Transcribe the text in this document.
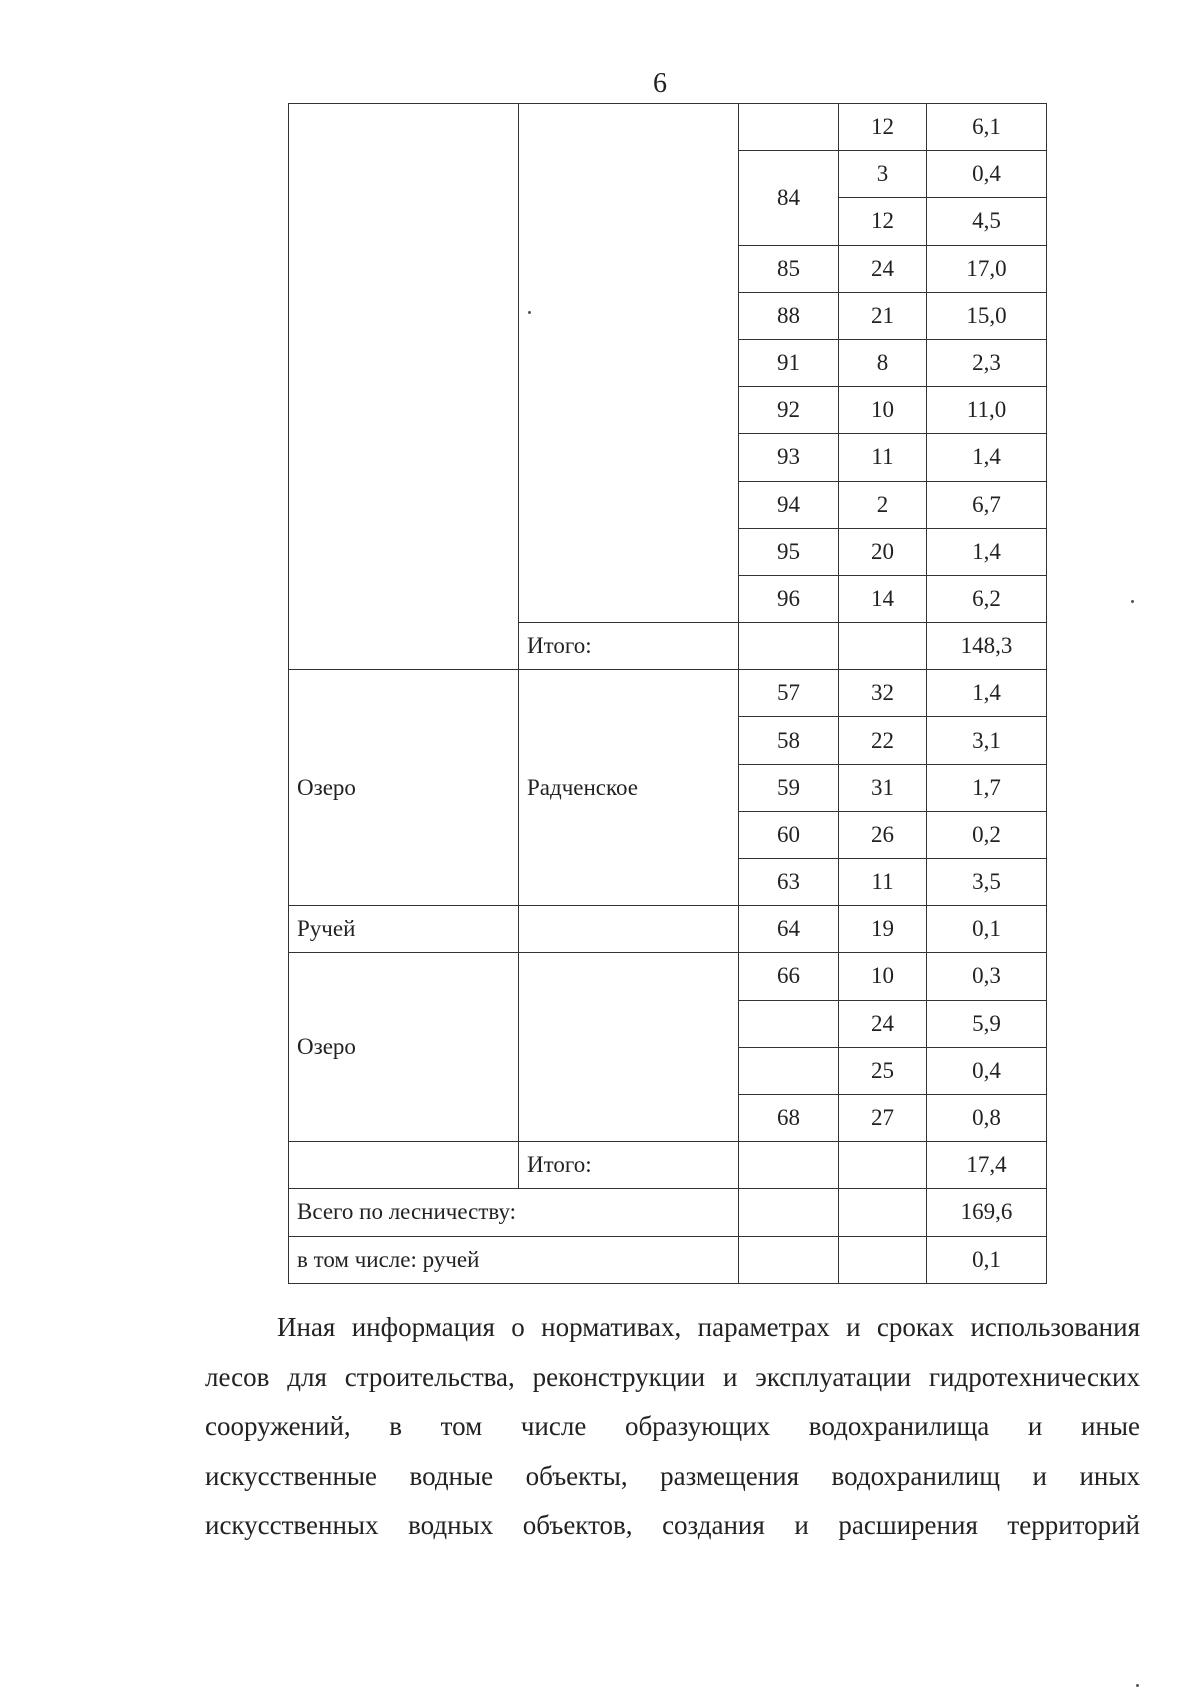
6
			12	6,1
		84	3	0,4
			12	4,5
		85	24	17,0
		88	21	15,0
		91	8	2,3
		92	10	11,0
		93	11	1,4
		94	2	6,7
		95	20	1,4
		96	14	6,2
	Итого:			148,3
Озеро	Радченское	57	32	1,4
		58	22	3,1
		59	31	1,7
		60	26	0,2
		63	11	3,5
Ручей		64	19	0,1
Озеро		66	10	0,3
			24	5,9
			25	0,4
		68	27	0,8
	Итого:			17,4
Всего по лесничеству:				169,6
в том числе: ручей				0,1
Иная информация о нормативах, параметрах и сроках использования
лесов для строительства, реконструкции и эксплуатации гидротехнических
сооружений, в том числе образующих водохранилища и иные
искусственные водные объекты, размещения водохранилищ и иных
искусственных водных объектов, создания и расширения территорий
